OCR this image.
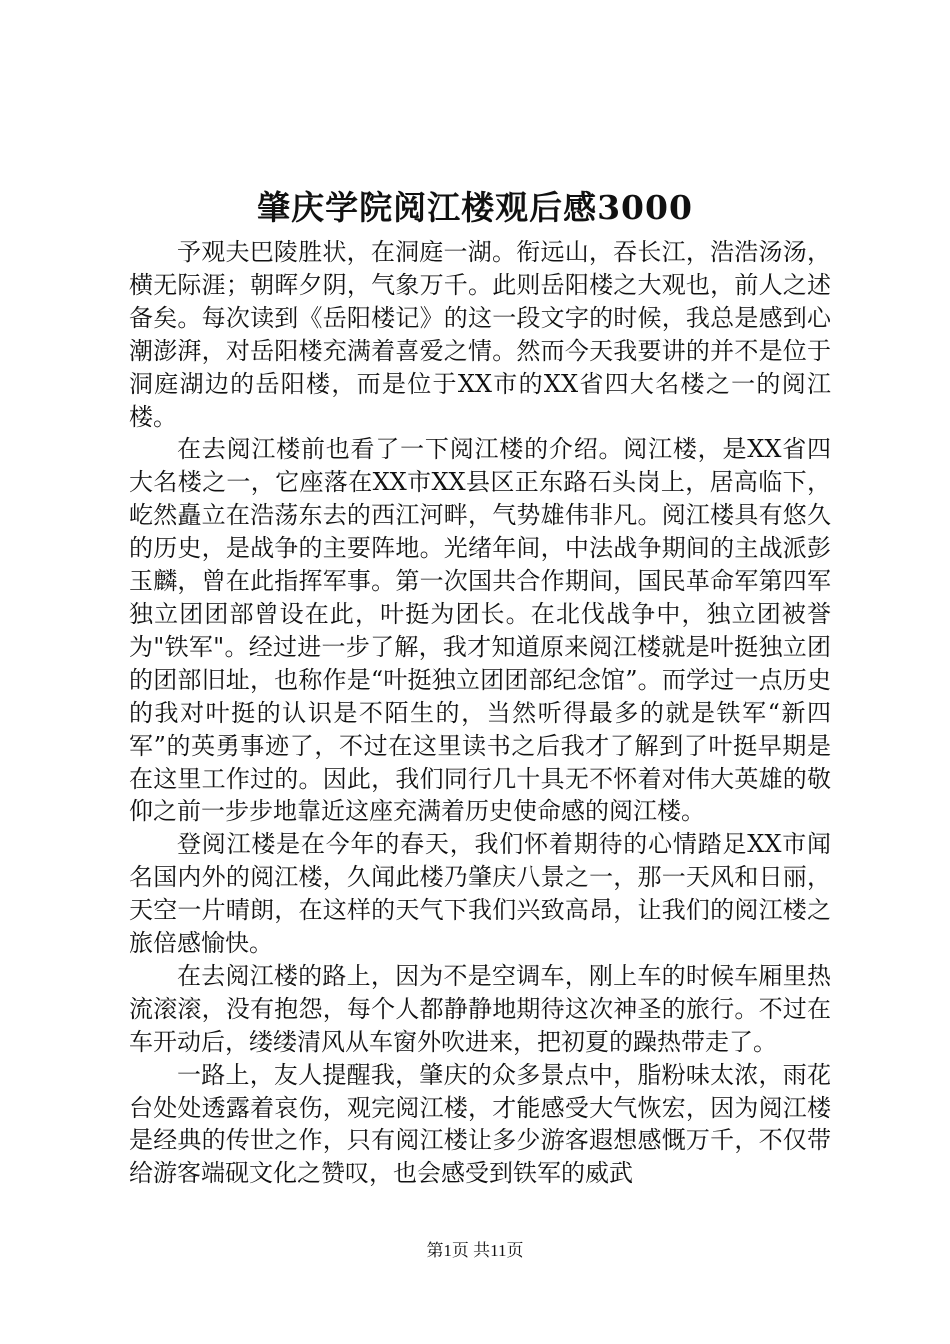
肇庆学院阅江楼观后感3000

予观夫巴陵胜状，在洞庭一湖。衔远山，吞长江，浩浩汤汤，横无际涯；朝晖夕阴，气象万千。此则岳阳楼之大观也，前人之述备矣。每次读到《岳阳楼记》的这一段文字的时候，我总是感到心潮澎湃，对岳阳楼充满着喜爱之情。然而今天我要讲的并不是位于洞庭湖边的岳阳楼，而是位于XX市的XX省四大名楼之一的阅江楼。

在去阅江楼前也看了一下阅江楼的介绍。阅江楼，是XX省四大名楼之一，它座落在XX市XX县区正东路石头岗上，居高临下，屹然矗立在浩荡东去的西江河畔，气势雄伟非凡。阅江楼具有悠久的历史，是战争的主要阵地。光绪年间，中法战争期间的主战派彭玉麟，曾在此指挥军事。第一次国共合作期间，国民革命军第四军独立团团部曾设在此，叶挺为团长。在北伐战争中，独立团被誉为"铁军"。经过进一步了解，我才知道原来阅江楼就是叶挺独立团的团部旧址，也称作是“叶挺独立团团部纪念馆”。而学过一点历史的我对叶挺的认识是不陌生的，当然听得最多的就是铁军“新四军”的英勇事迹了，不过在这里读书之后我才了解到了叶挺早期是在这里工作过的。因此，我们同行几十具无不怀着对伟大英雄的敬仰之前一步步地靠近这座充满着历史使命感的阅江楼。

登阅江楼是在今年的春天，我们怀着期待的心情踏足XX市闻名国内外的阅江楼，久闻此楼乃肇庆八景之一，那一天风和日丽，天空一片晴朗，在这样的天气下我们兴致高昂，让我们的阅江楼之旅倍感愉快。

在去阅江楼的路上，因为不是空调车，刚上车的时候车厢里热流滚滚，没有抱怨，每个人都静静地期待这次神圣的旅行。不过在车开动后，缕缕清风从车窗外吹进来，把初夏的躁热带走了。

一路上，友人提醒我，肇庆的众多景点中，脂粉味太浓，雨花台处处透露着哀伤，观完阅江楼，才能感受大气恢宏，因为阅江楼是经典的传世之作，只有阅江楼让多少游客遐想感慨万千，不仅带给游客端砚文化之赞叹，也会感受到铁军的威武

第1页 共11页
